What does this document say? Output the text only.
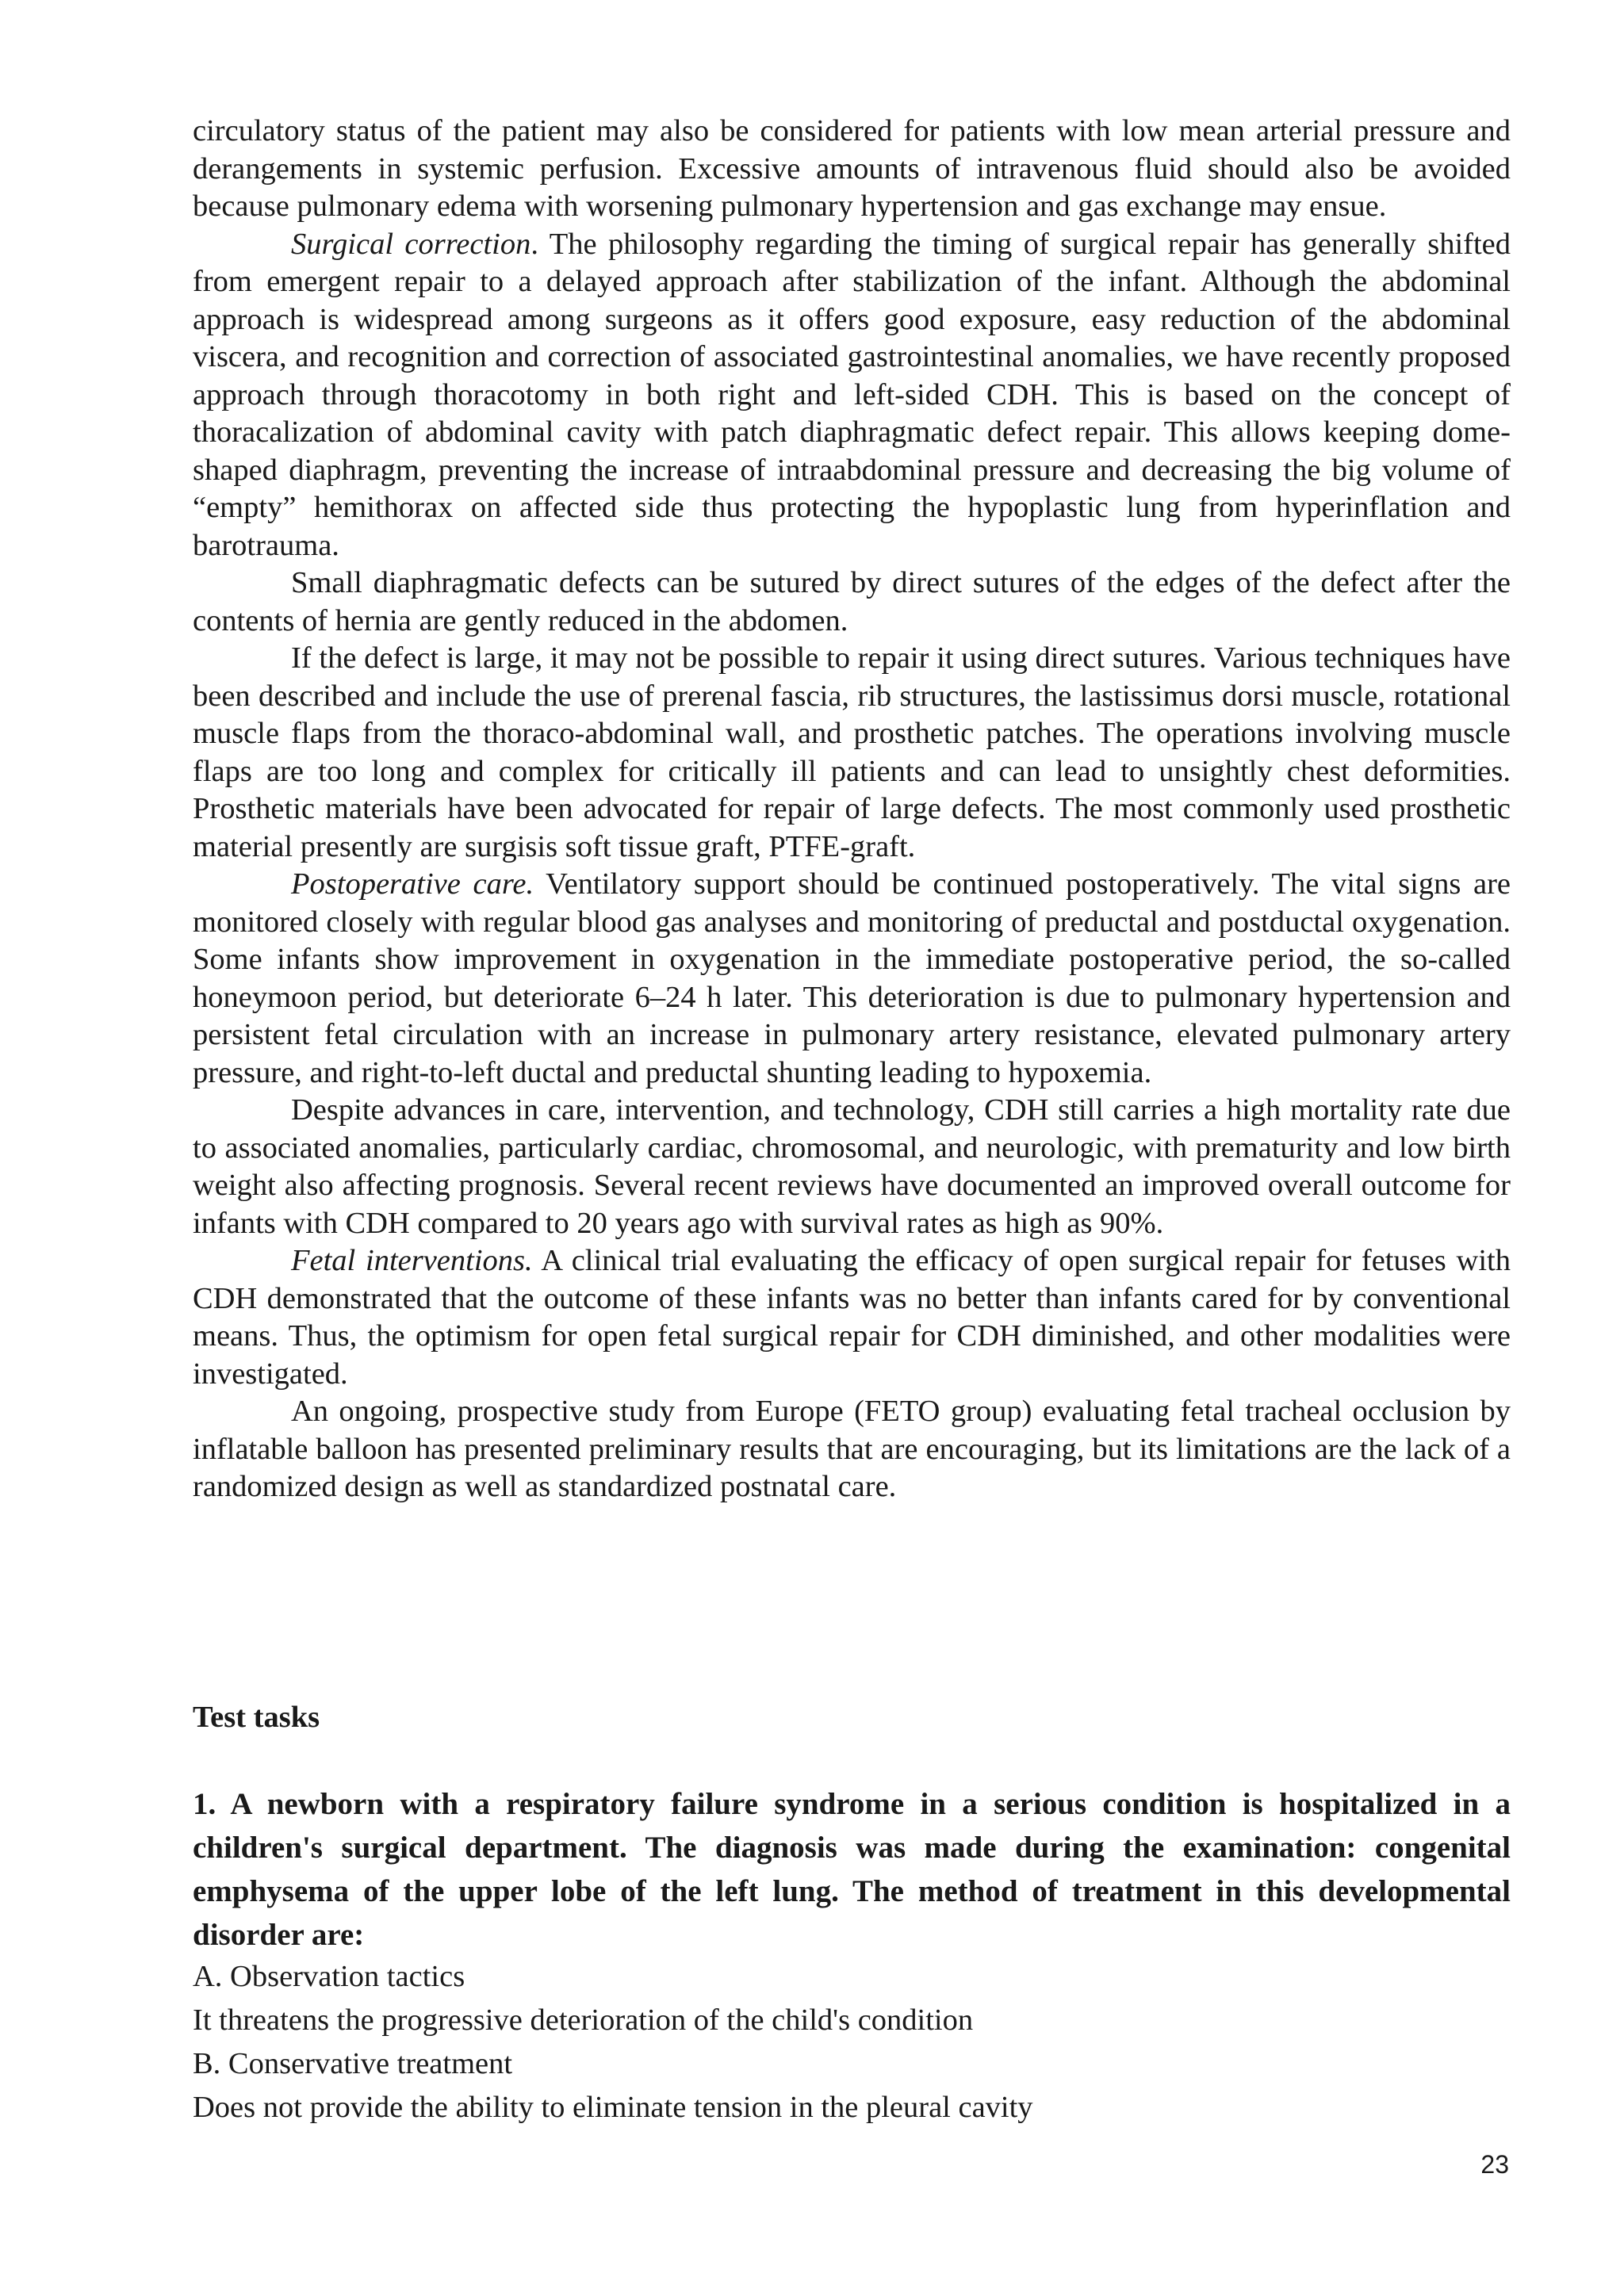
circulatory status of the patient may also be considered for patients with low mean arterial pressure and derangements in systemic perfusion. Excessive amounts of intravenous fluid should also be avoided because pulmonary edema with worsening pulmonary hypertension and gas exchange may ensue.

Surgical correction. The philosophy regarding the timing of surgical repair has generally shifted from emergent repair to a delayed approach after stabilization of the infant. Although the abdominal approach is widespread among surgeons as it offers good exposure, easy reduction of the abdominal viscera, and recognition and correction of associated gastrointestinal anomalies, we have recently proposed approach through thoracotomy in both right and left-sided CDH. This is based on the concept of thoracalization of abdominal cavity with patch diaphragmatic defect repair. This allows keeping dome-shaped diaphragm, preventing the increase of intraabdominal pressure and decreasing the big volume of “empty” hemithorax on affected side thus protecting the hypoplastic lung from hyperinflation and barotrauma.

Small diaphragmatic defects can be sutured by direct sutures of the edges of the defect after the contents of hernia are gently reduced in the abdomen.

If the defect is large, it may not be possible to repair it using direct sutures. Various techniques have been described and include the use of prerenal fascia, rib structures, the lastissimus dorsi muscle, rotational muscle flaps from the thoraco-abdominal wall, and prosthetic patches. The operations involving muscle flaps are too long and complex for critically ill patients and can lead to unsightly chest deformities. Prosthetic materials have been advocated for repair of large defects. The most commonly used prosthetic material presently are surgisis soft tissue graft, PTFE-graft.

Postoperative care. Ventilatory support should be continued postoperatively. The vital signs are monitored closely with regular blood gas analyses and monitoring of preductal and postductal oxygenation. Some infants show improvement in oxygenation in the immediate postoperative period, the so-called honeymoon period, but deteriorate 6–24 h later. This deterioration is due to pulmonary hypertension and persistent fetal circulation with an increase in pulmonary artery resistance, elevated pulmonary artery pressure, and right-to-left ductal and preductal shunting leading to hypoxemia.

Despite advances in care, intervention, and technology, CDH still carries a high mortality rate due to associated anomalies, particularly cardiac, chromosomal, and neurologic, with prematurity and low birth weight also affecting prognosis. Several recent reviews have documented an improved overall outcome for infants with CDH compared to 20 years ago with survival rates as high as 90%.

Fetal interventions. A clinical trial evaluating the efficacy of open surgical repair for fetuses with CDH demonstrated that the outcome of these infants was no better than infants cared for by conventional means. Thus, the optimism for open fetal surgical repair for CDH diminished, and other modalities were investigated.

An ongoing, prospective study from Europe (FETO group) evaluating fetal tracheal occlusion by inflatable balloon has presented preliminary results that are encouraging, but its limitations are the lack of a randomized design as well as standardized postnatal care.

Test tasks

1. A newborn with a respiratory failure syndrome in a serious condition is hospitalized in a children's surgical department. The diagnosis was made during the examination: congenital emphysema of the upper lobe of the left lung. The method of treatment in this developmental disorder are:

A. Observation tactics

It threatens the progressive deterioration of the child's condition

B. Conservative treatment

Does not provide the ability to eliminate tension in the pleural cavity

23
